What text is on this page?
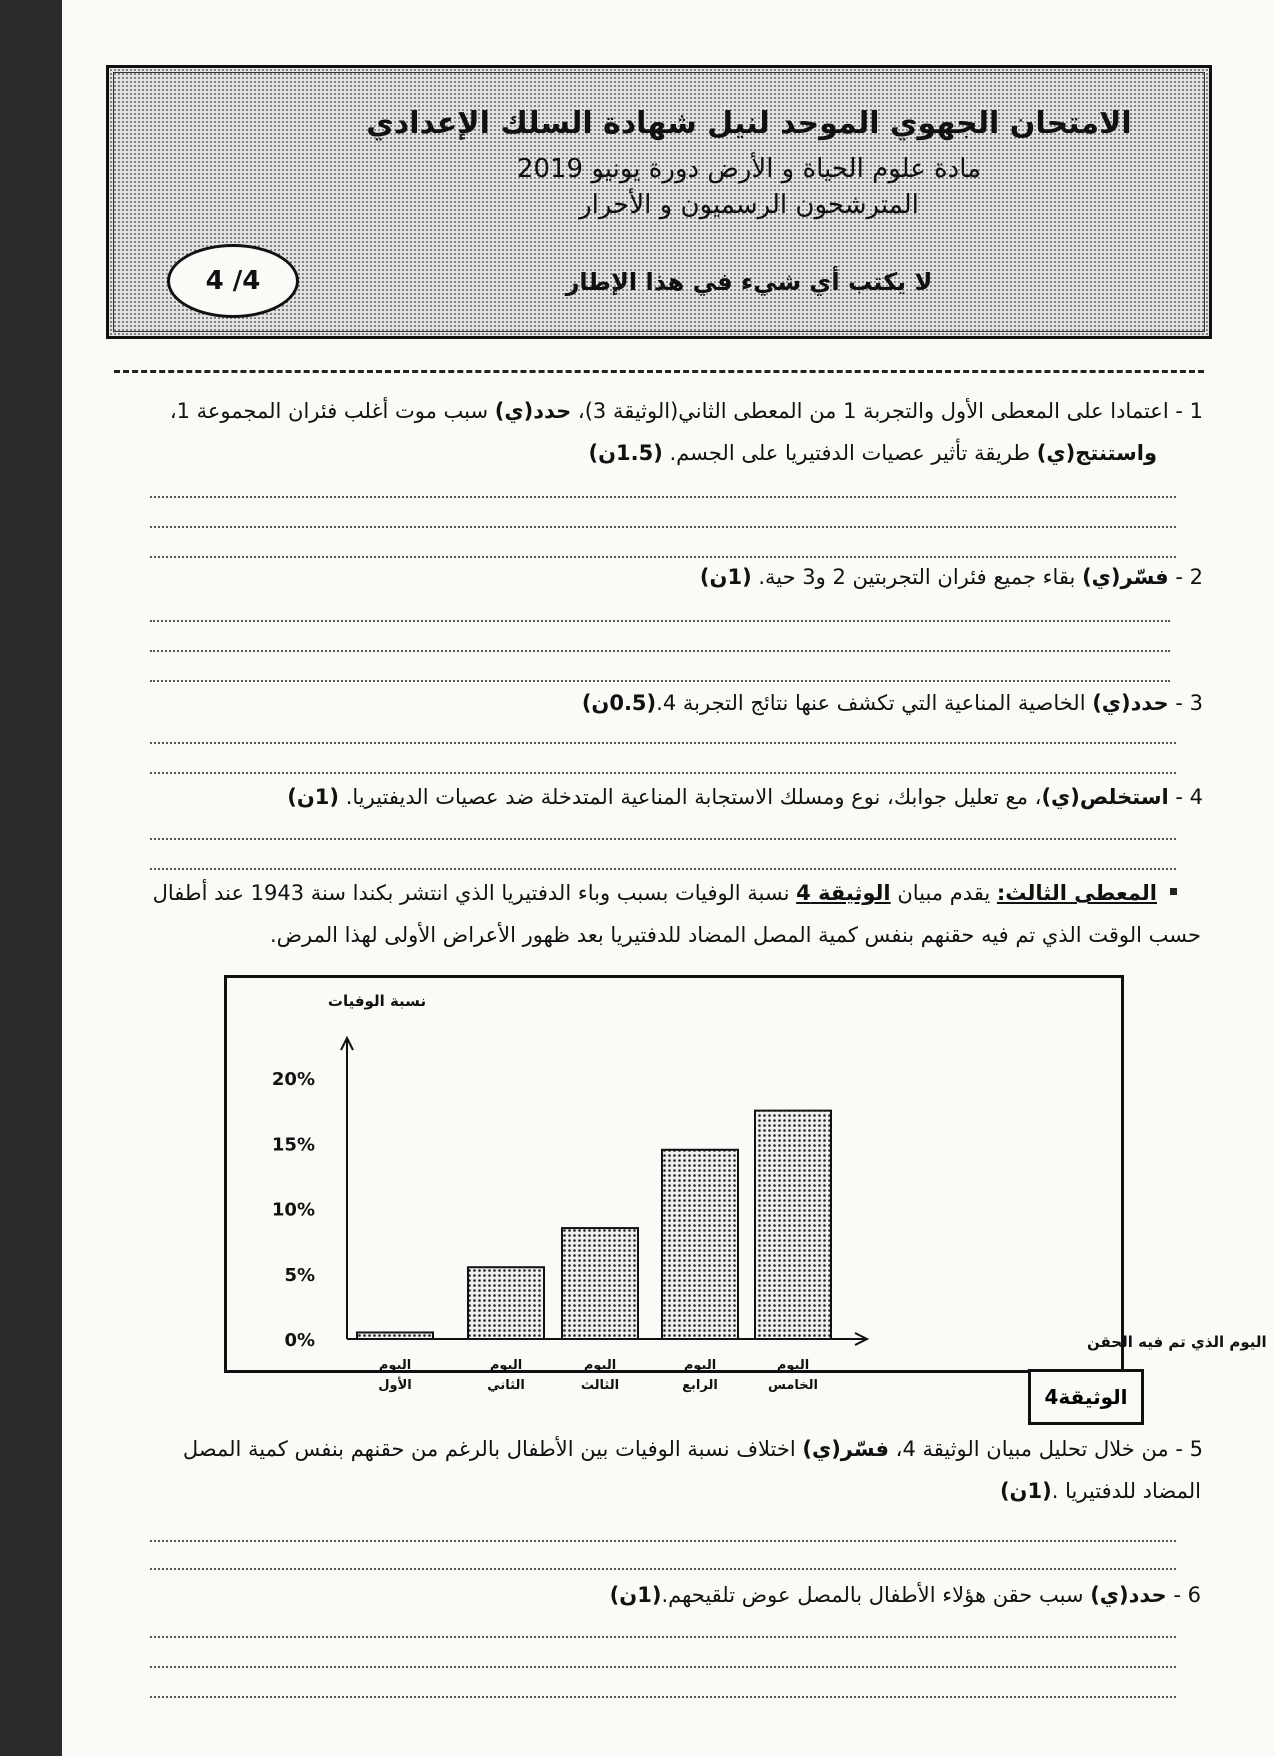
الامتحان الجهوي الموحد لنيل شهادة السلك الإعدادي
مادة علوم الحياة و الأرض دورة يونيو 2019
المترشحون الرسميون و الأحرار
لا يكتب أي شيء في هذا الإطار
4 /4
1 - اعتمادا على المعطى الأول والتجربة 1 من المعطى الثاني(الوثيقة 3)، حدد(ي) سبب موت أغلب فئران المجموعة 1،
واستنتج(ي) طريقة تأثير عصيات الدفتيريا على الجسم. (1.5ن)
2 - فسّر(ي) بقاء جميع فئران التجربتين 2 و3 حية. (1ن)
3 - حدد(ي) الخاصية المناعية التي تكشف عنها نتائج التجربة 4.(0.5ن)
4 - استخلص(ي)، مع تعليل جوابك، نوع ومسلك الاستجابة المناعية المتدخلة ضد عصيات الديفتيريا. (1ن)
المعطى الثالث: يقدم مبيان الوثيقة 4 نسبة الوفيات بسبب وباء الدفتيريا الذي انتشر بكندا سنة 1943 عند أطفال
حسب الوقت الذي تم فيه حقنهم بنفس كمية المصل المضاد للدفتيريا بعد ظهور الأعراض الأولى لهذا المرض.
0%
5%
10%
15%
20%
نسبة الوفيات
اليوم الذي تم فيه الحقن
اليوم
الأول
اليوم
الثاني
اليوم
الثالث
اليوم
الرابع
اليوم
الخامس	الوثيقة4
5 - من خلال تحليل مبيان الوثيقة 4، فسّر(ي) اختلاف نسبة الوفيات بين الأطفال بالرغم من حقنهم بنفس كمية المصل
المضاد للدفتيريا .(1ن)
6 - حدد(ي) سبب حقن هؤلاء الأطفال بالمصل عوض تلقيحهم.(1ن)
